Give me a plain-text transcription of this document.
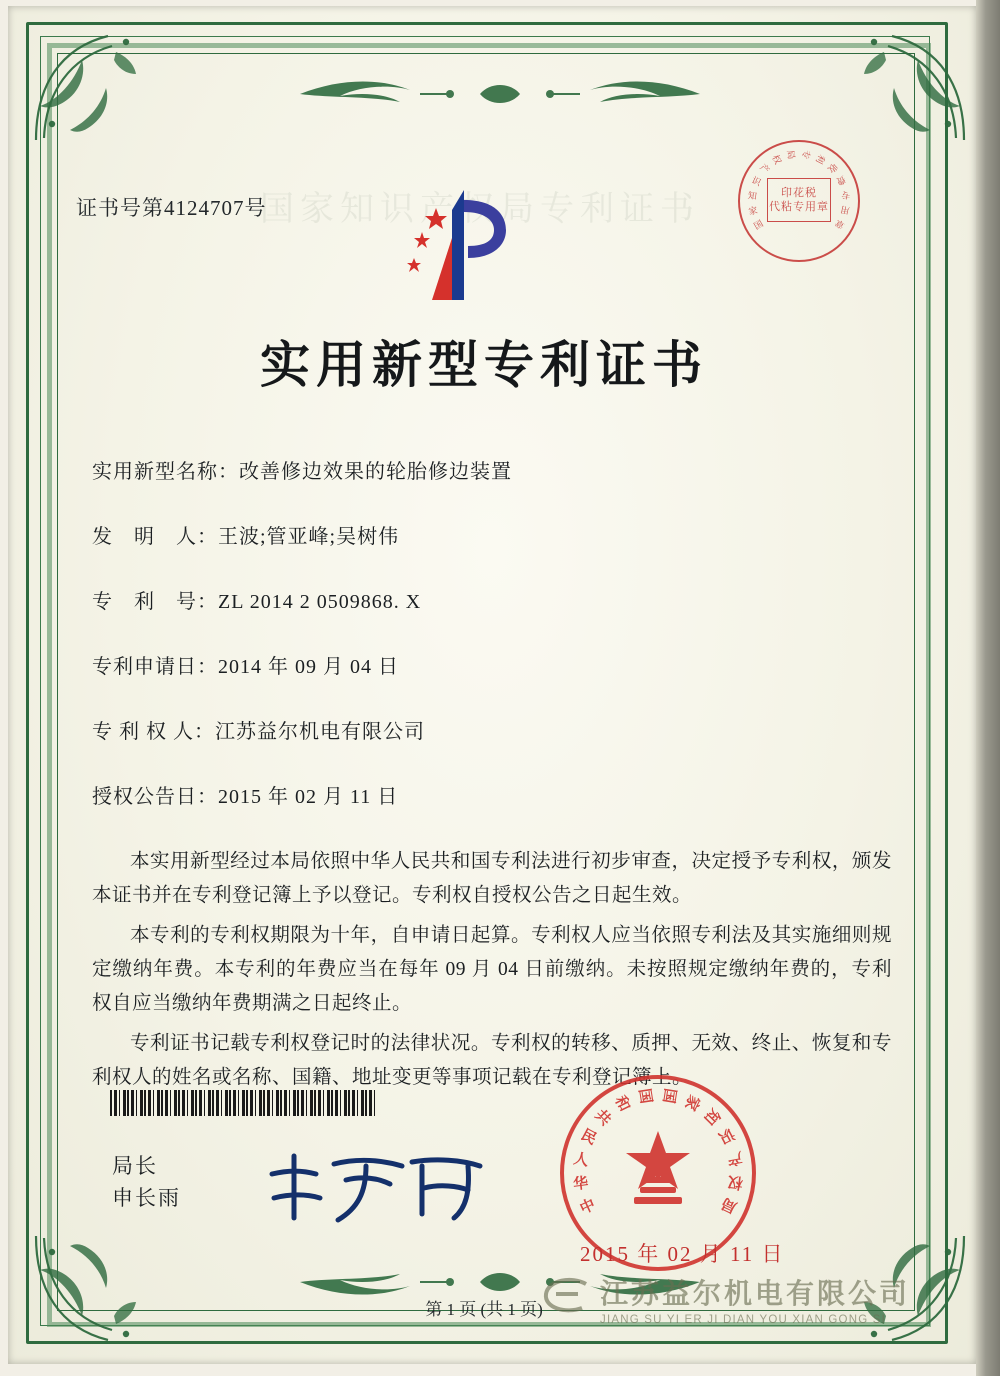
证书号第4124707号
实用新型专利证书
实用新型名称：改善修边效果的轮胎修边装置
发　明　人：王波;管亚峰;吴树伟
专　利　号：ZL 2014 2 0509868. X
专利申请日：2014 年 09 月 04 日
专 利 权 人：江苏益尔机电有限公司
授权公告日：2015 年 02 月 11 日

本实用新型经过本局依照中华人民共和国专利法进行初步审查，决定授予专利权，颁发本证书并在专利登记簿上予以登记。专利权自授权公告之日起生效。

本专利的专利权期限为十年，自申请日起算。专利权人应当依照专利法及其实施细则规定缴纳年费。本专利的年费应当在每年 09 月 04 日前缴纳。未按照规定缴纳年费的，专利权自应当缴纳年费期满之日起终止。

专利证书记载专利权登记时的法律状况。专利权的转移、质押、无效、终止、恢复和专利权人的姓名或名称、国籍、地址变更等事项记载在专利登记簿上。

局长
申长雨
印花税
代粘专用章
国
家
知
识
产
权 局 专 利
收
费
专
用
章
中
华
人
民
共
和 国 国 家
知
识
产
权
局
2015 年 02 月 11 日
第 1 页 (共 1 页)	江苏益尔机电有限公司
JIANG SU YI ER JI DIAN YOU XIAN GONG SI
